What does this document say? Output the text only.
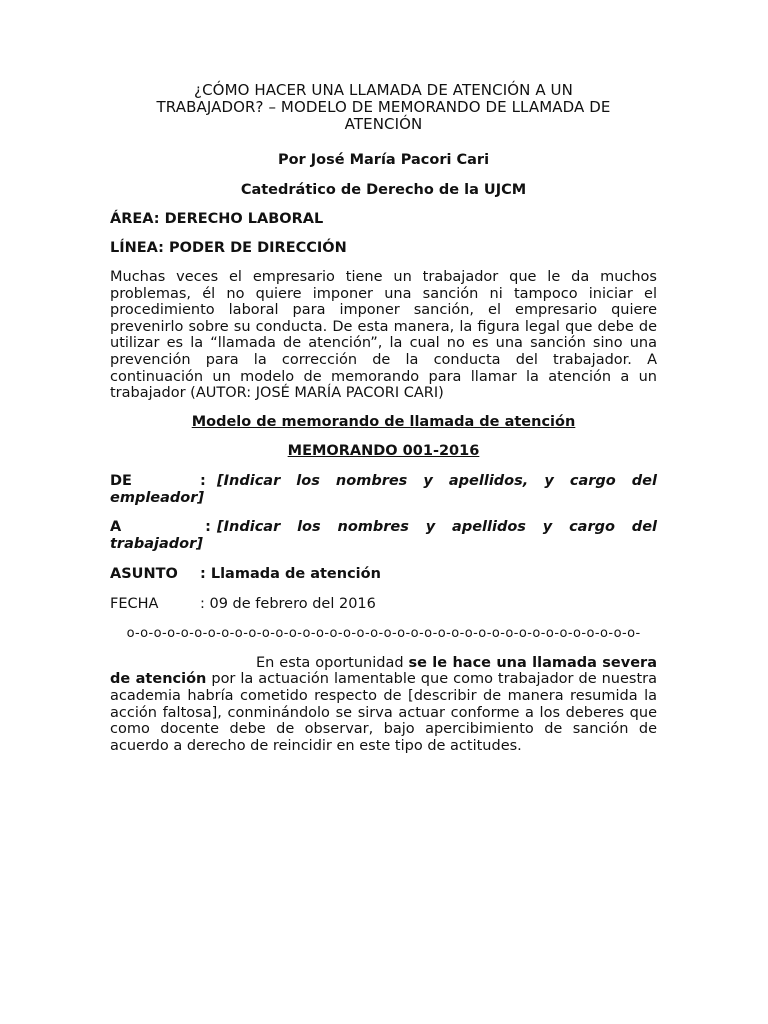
¿CÓMO HACER UNA LLAMADA DE ATENCIÓN A UN
TRABAJADOR? – MODELO DE MEMORANDO DE LLAMADA DE
ATENCIÓN

Por José María Pacori Cari

Catedrático de Derecho de la UJCM

ÁREA: DERECHO LABORAL

LÍNEA: PODER DE DIRECCIÓN

Muchas veces el empresario tiene un trabajador que le da muchos problemas, él no quiere imponer una sanción ni tampoco iniciar el procedimiento laboral para imponer sanción, el empresario quiere prevenirlo sobre su conducta. De esta manera, la figura legal que debe de utilizar es la “llamada de atención”, la cual no es una sanción sino una prevención para la corrección de la conducta del trabajador. A continuación un modelo de memorando para llamar la atención a un trabajador (AUTOR: JOSÉ MARÍA PACORI CARI)

Modelo de memorando de llamada de atención

MEMORANDO 001-2016

DE	: [Indicar los nombres y apellidos, y cargo del empleador]

A	: [Indicar los nombres y apellidos y cargo del trabajador]

ASUNTO : Llamada de atención
FECHA	: 09 de febrero del 2016

o-o-o-o-o-o-o-o-o-o-o-o-o-o-o-o-o-o-o-o-o-o-o-o-o-o-o-o-o-o-o-o-o-o-o-o-o-o-

En esta oportunidad se le hace una llamada severa de atención por la actuación lamentable que como trabajador de nuestra academia habría cometido respecto de [describir de manera resumida la acción faltosa], conminándolo se sirva actuar conforme a los deberes que como docente debe de observar, bajo apercibimiento de sanción de acuerdo a derecho de reincidir en este tipo de actitudes.
